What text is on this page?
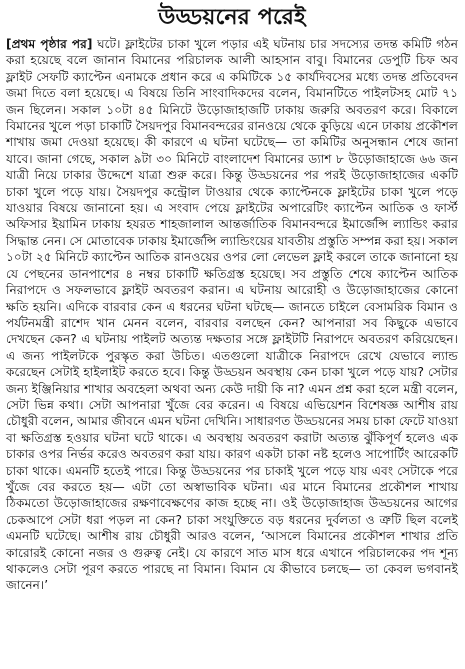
উড্ডয়নের পরেই

[প্রথম পৃষ্ঠার পর] ঘটে। ফ্লাইটের চাকা খুলে পড়ার এই ঘটনায় চার সদস্যের তদন্ত কমিটি গঠন করা হয়েছে বলে জানান বিমানের পরিচালক আলী আহসান বাবু। বিমানের ডেপুটি চিফ অব ফ্লাইট সেফটি ক্যাপ্টেন এনামকে প্রধান করে এ কমিটিকে ১৫ কার্যদিবসের মধ্যে তদন্ত প্রতিবেদন জমা দিতে বলা হয়েছে। এ বিষয়ে তিনি সাংবাদিকদের বলেন, বিমানটিতে পাইলটসহ মোট ৭১ জন ছিলেন। সকাল ১০টা ৪৫ মিনিটে উড়োজাহাজটি ঢাকায় জরুরি অবতরণ করে। বিকালে বিমানের খুলে পড়া চাকাটি সৈয়দপুর বিমানবন্দরের রানওয়ে থেকে কুড়িয়ে এনে ঢাকায় প্রকৌশল শাখায় জমা দেওয়া হয়েছে। কী কারণে এ ঘটনা ঘটেছে— তা কমিটির অনুসন্ধান শেষে জানা যাবে। জানা গেছে, সকাল ৯টা ৩০ মিনিটে বাংলাদেশ বিমানের ড্যাশ ৮ উড়োজাহাজে ৬৬ জন যাত্রী নিয়ে ঢাকার উদ্দেশে যাত্রা শুরু করে। কিন্তু উড্ডয়নের পর পরই উড়োজাহাজের একটি চাকা খুলে পড়ে যায়। সৈয়দপুর কন্ট্রোল টাওয়ার থেকে ক্যাপ্টেনকে ফ্লাইটের চাকা খুলে পড়ে যাওয়ার বিষয়ে জানানো হয়। এ সংবাদ পেয়ে ফ্লাইটের অপারেটিং ক্যাপ্টেন আতিক ও ফার্স্ট অফিসার ইয়ামিন ঢাকায় হযরত শাহজালাল আন্তর্জাতিক বিমানবন্দরে ইমার্জেন্সি ল্যান্ডিং করার সিদ্ধান্ত নেন। সে মোতাবেক ঢাকায় ইমার্জেন্সি ল্যান্ডিংয়ের যাবতীয় প্রস্তুতি সম্পন্ন করা হয়। সকাল ১০টা ২৫ মিনিটে ক্যাপ্টেন আতিক রানওয়ের ওপর লো লেভেল ফ্লাই করলে তাকে জানানো হয় যে পেছনের ডানপাশের ৪ নম্বর চাকাটি ক্ষতিগ্রস্ত হয়েছে। সব প্রস্তুতি শেষে ক্যাপ্টেন আতিক নিরাপদে ও সফলভাবে ফ্লাইট অবতরণ করান। এ ঘটনায় আরোহী ও উড়োজাহাজের কোনো ক্ষতি হয়নি। এদিকে বারবার কেন এ ধরনের ঘটনা ঘটছে— জানতে চাইলে বেসামরিক বিমান ও পর্যটনমন্ত্রী রাশেদ খান মেনন বলেন, বারবার বলছেন কেন? আপনারা সব কিছুকে এভাবে দেখছেন কেন? এ ঘটনায় পাইলট অত্যন্ত দক্ষতার সঙ্গে ফ্লাইটটি নিরাপদে অবতরণ করিয়েছেন। এ জন্য পাইলটকে পুরস্কৃত করা উচিত। এতগুলো যাত্রীকে নিরাপদে রেখে যেভাবে ল্যান্ড করেছেন সেটাই হাইলাইট করতে হবে। কিন্তু উড্ডয়ন অবস্থায় কেন চাকা খুলে পড়ে যায়? সেটার জন্য ইঞ্জিনিয়ার শাখার অবহেলা অথবা অন্য কেউ দায়ী কি না? এমন প্রশ্ন করা হলে মন্ত্রী বলেন, সেটা ভিন্ন কথা। সেটা আপনারা খুঁজে বের করেন। এ বিষয়ে এভিয়েশন বিশেষজ্ঞ আশীষ রায় চৌধুরী বলেন, আমার জীবনে এমন ঘটনা দেখিনি। সাধারণত উড্ডয়নের সময় চাকা ফেটে যাওয়া বা ক্ষতিগ্রস্ত হওয়ার ঘটনা ঘটে থাকে। এ অবস্থায় অবতরণ করাটা অত্যন্ত ঝুঁকিপূর্ণ হলেও এক চাকার ওপর নির্ভর করেও অবতরণ করা যায়। কারণ একটা চাকা নষ্ট হলেও সাপোর্টিং আরেকটি চাকা থাকে। এমনটি হতেই পারে। কিন্তু উড্ডয়নের পর চাকাই খুলে পড়ে যায় এবং সেটাকে পরে খুঁজে বের করতে হয়— এটা তো অস্বাভাবিক ঘটনা। এর মানে বিমানের প্রকৌশল শাখায় ঠিকমতো উড়োজাহাজের রক্ষণাবেক্ষণের কাজ হচ্ছে না। ওই উড়োজাহাজ উড্ডয়নের আগের চেকআপে সেটা ধরা পড়ল না কেন? চাকা সংযুক্তিতে বড় ধরনের দুর্বলতা ও ত্রুটি ছিল বলেই এমনটি ঘটেছে। আশীষ রায় চৌধুরী আরও বলেন, ‘আসলে বিমানের প্রকৌশল শাখার প্রতি কারোরই কোনো নজর ও গুরুত্ব নেই। যে কারণে সাত মাস ধরে এখানে পরিচালকের পদ শূন্য থাকলেও সেটা পূরণ করতে পারছে না বিমান। বিমান যে কীভাবে চলছে— তা কেবল ভগবানই জানেন।’
